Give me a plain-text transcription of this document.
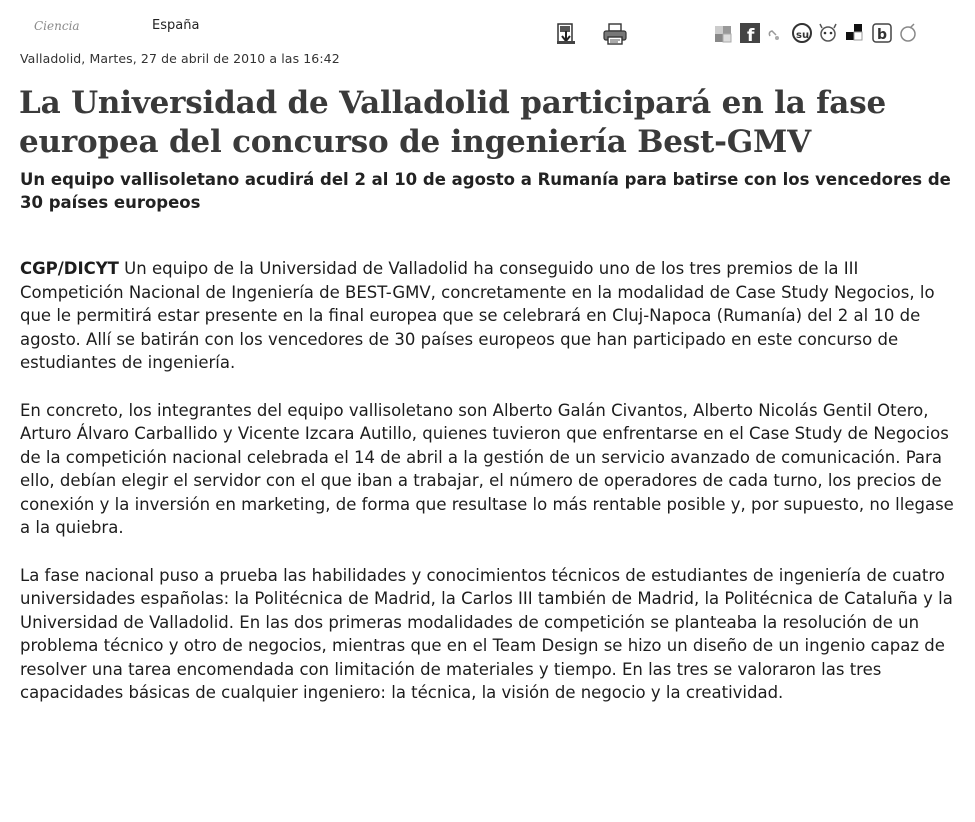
Ciencia	España
f	su	b
Valladolid, Martes, 27 de abril de 2010 a las 16:42
La Universidad de Valladolid participará en la fase europea del concurso de ingeniería Best-GMV
Un equipo vallisoletano acudirá del 2 al 10 de agosto a Rumanía para batirse con los vencedores de 30 países europeos

CGP/DICYT Un equipo de la Universidad de Valladolid ha conseguido uno de los tres premios de la III Competición Nacional de Ingeniería de BEST-GMV, concretamente en la modalidad de Case Study Negocios, lo que le permitirá estar presente en la final europea que se celebrará en Cluj-Napoca (Rumanía) del 2 al 10 de agosto. Allí se batirán con los vencedores de 30 países europeos que han participado en este concurso de estudiantes de ingeniería.

En concreto, los integrantes del equipo vallisoletano son Alberto Galán Civantos, Alberto Nicolás Gentil Otero, Arturo Álvaro Carballido y Vicente Izcara Autillo, quienes tuvieron que enfrentarse en el Case Study de Negocios de la competición nacional celebrada el 14 de abril a la gestión de un servicio avanzado de comunicación. Para ello, debían elegir el servidor con el que iban a trabajar, el número de operadores de cada turno, los precios de conexión y la inversión en marketing, de forma que resultase lo más rentable posible y, por supuesto, no llegase a la quiebra.

La fase nacional puso a prueba las habilidades y conocimientos técnicos de estudiantes de ingeniería de cuatro universidades españolas: la Politécnica de Madrid, la Carlos III también de Madrid, la Politécnica de Cataluña y la Universidad de Valladolid. En las dos primeras modalidades de competición se planteaba la resolución de un problema técnico y otro de negocios, mientras que en el Team Design se hizo un diseño de un ingenio capaz de resolver una tarea encomendada con limitación de materiales y tiempo. En las tres se valoraron las tres capacidades básicas de cualquier ingeniero: la técnica, la visión de negocio y la creatividad.
